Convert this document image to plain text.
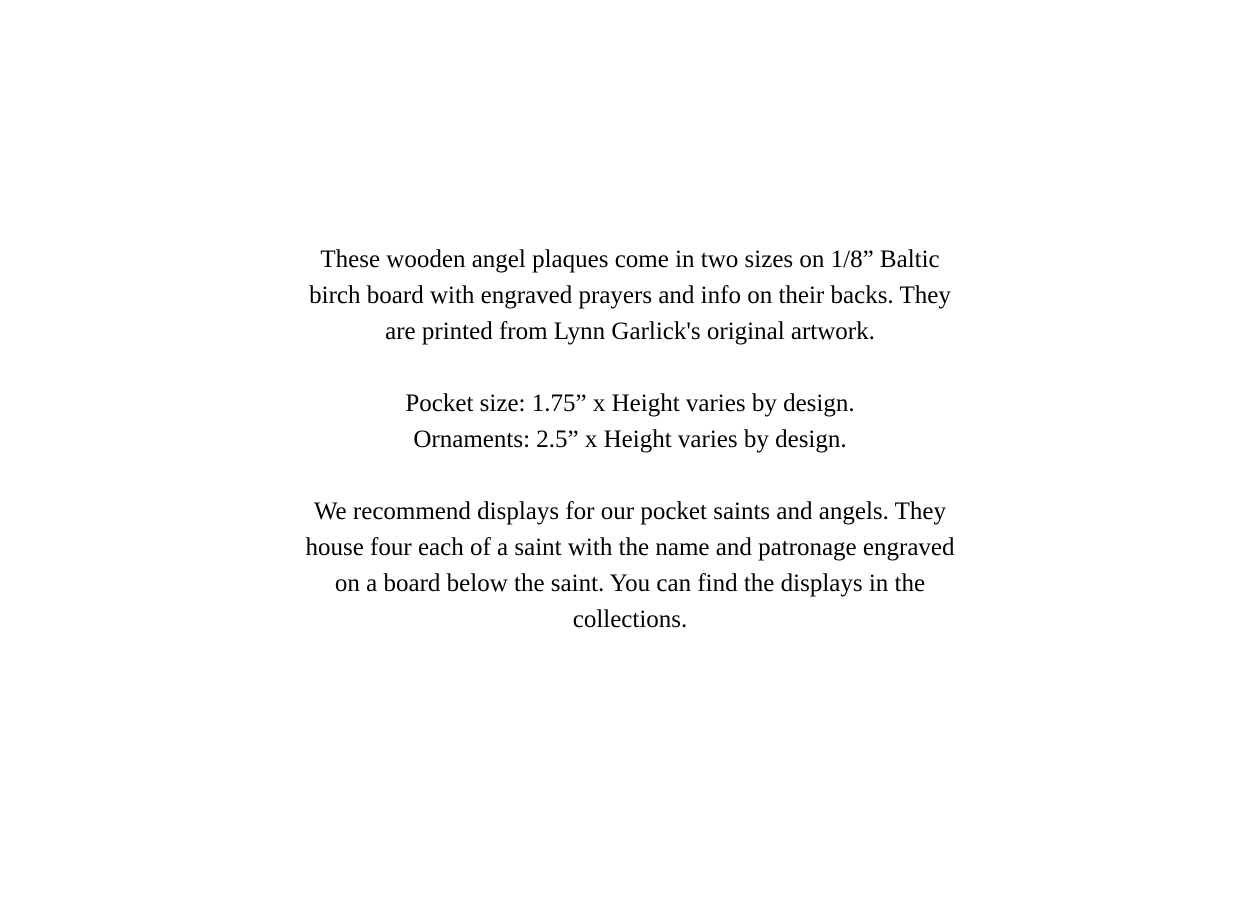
These wooden angel plaques come in two sizes on 1/8” Baltic
birch board with engraved prayers and info on their backs. They
are printed from Lynn Garlick's original artwork.

Pocket size: 1.75” x Height varies by design.
Ornaments: 2.5” x Height varies by design.

We recommend displays for our pocket saints and angels. They
house four each of a saint with the name and patronage engraved
on a board below the saint. You can find the displays in the
collections.
